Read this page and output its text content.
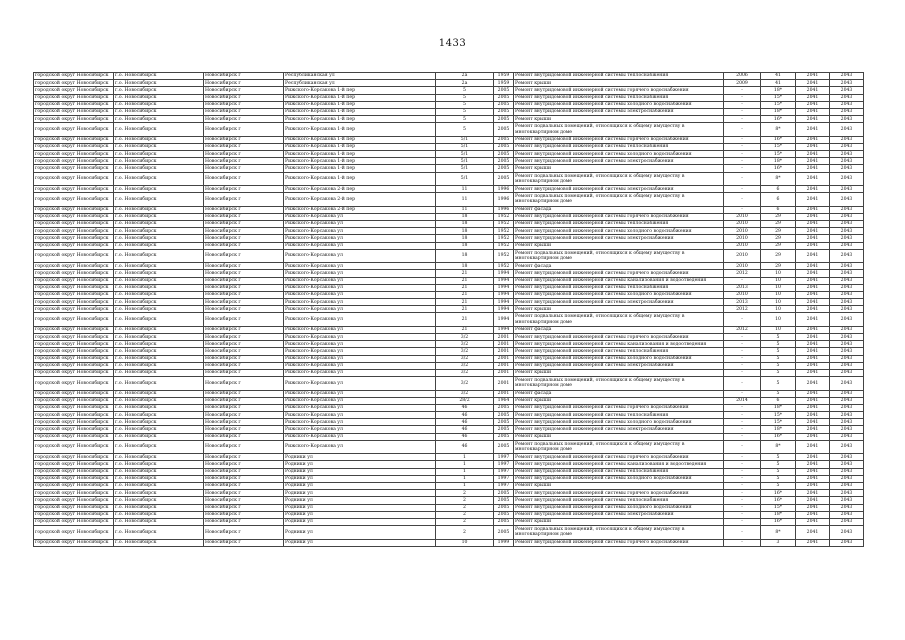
1433
городской округ Новосибирск	г.о. Новосибирск	Новосибирск г	Республиканская ул	2а	1959	Ремонт внутридомовой инженерной системы теплоснабжения	2006	41	2041	2043
городской округ Новосибирск	г.о. Новосибирск	Новосибирск г	Республиканская ул	2а	1959	Ремонт крыши	2009	41	2041	2043
городской округ Новосибирск	г.о. Новосибирск	Новосибирск г	Рижского-Корсакова 1-й пер	5	2005	Ремонт внутридомовой инженерной системы горячего водоснабжения	-	18*	2041	2043
городской округ Новосибирск	г.о. Новосибирск	Новосибирск г	Рижского-Корсакова 1-й пер	5	2005	Ремонт внутридомовой инженерной системы теплоснабжения	-	15*	2041	2043
городской округ Новосибирск	г.о. Новосибирск	Новосибирск г	Рижского-Корсакова 1-й пер	5	2005	Ремонт внутридомовой инженерной системы холодного водоснабжения	-	15*	2041	2043
городской округ Новосибирск	г.о. Новосибирск	Новосибирск г	Рижского-Корсакова 1-й пер	5	2005	Ремонт внутридомовой инженерной системы электроснабжения	-	18*	2041	2043
городской округ Новосибирск	г.о. Новосибирск	Новосибирск г	Рижского-Корсакова 1-й пер	5	2005	Ремонт крыши	-	16*	2041	2043
городской округ Новосибирск	г.о. Новосибирск	Новосибирск г	Рижского-Корсакова 1-й пер	5	2005	Ремонт подвальных помещений, относящихся к общему имуществу в многоквартирном доме	-	8*	2041	2043
городской округ Новосибирск	г.о. Новосибирск	Новосибирск г	Рижского-Корсакова 1-й пер	5/1	2005	Ремонт внутридомовой инженерной системы горячего водоснабжения	-	16*	2041	2043
городской округ Новосибирск	г.о. Новосибирск	Новосибирск г	Рижского-Корсакова 1-й пер	5/1	2005	Ремонт внутридомовой инженерной системы теплоснабжения	-	15*	2041	2043
городской округ Новосибирск	г.о. Новосибирск	Новосибирск г	Рижского-Корсакова 1-й пер	5/1	2005	Ремонт внутридомовой инженерной системы холодного водоснабжения	-	15*	2041	2043
городской округ Новосибирск	г.о. Новосибирск	Новосибирск г	Рижского-Корсакова 1-й пер	5/1	2005	Ремонт внутридомовой инженерной системы электроснабжения	-	18*	2041	2043
городской округ Новосибирск	г.о. Новосибирск	Новосибирск г	Рижского-Корсакова 1-й пер	5/1	2005	Ремонт крыши	-	16*	2041	2043
городской округ Новосибирск	г.о. Новосибирск	Новосибирск г	Рижского-Корсакова 1-й пер	5/1	2005	Ремонт подвальных помещений, относящихся к общему имуществу в многоквартирном доме	-	8*	2041	2043
городской округ Новосибирск	г.о. Новосибирск	Новосибирск г	Рижского-Корсакова 2-й пер	11	1996	Ремонт внутридомовой инженерной системы электроснабжения	-	6	2041	2043
городской округ Новосибирск	г.о. Новосибирск	Новосибирск г	Рижского-Корсакова 2-й пер	11	1996	Ремонт подвальных помещений, относящихся к общему имуществу в многоквартирном доме	-	6	2041	2043
городской округ Новосибирск	г.о. Новосибирск	Новосибирск г	Рижского-Корсакова 2-й пер	11	1996	Ремонт фасада	-	6	2041	2043
городской округ Новосибирск	г.о. Новосибирск	Новосибирск г	Рижского-Корсакова ул	18	1952	Ремонт внутридомовой инженерной системы горячего водоснабжения	2010	29	2041	2043
городской округ Новосибирск	г.о. Новосибирск	Новосибирск г	Рижского-Корсакова ул	18	1952	Ремонт внутридомовой инженерной системы теплоснабжения	2010	29	2041	2043
городской округ Новосибирск	г.о. Новосибирск	Новосибирск г	Рижского-Корсакова ул	18	1952	Ремонт внутридомовой инженерной системы холодного водоснабжения	2010	29	2041	2043
городской округ Новосибирск	г.о. Новосибирск	Новосибирск г	Рижского-Корсакова ул	18	1952	Ремонт внутридомовой инженерной системы электроснабжения	2010	29	2041	2043
городской округ Новосибирск	г.о. Новосибирск	Новосибирск г	Рижского-Корсакова ул	18	1952	Ремонт крыши	2010	29	2041	2043
городской округ Новосибирск	г.о. Новосибирск	Новосибирск г	Рижского-Корсакова ул	18	1952	Ремонт подвальных помещений, относящихся к общему имуществу в многоквартирном доме	2010	29	2041	2043
городской округ Новосибирск	г.о. Новосибирск	Новосибирск г	Рижского-Корсакова ул	18	1952	Ремонт фасада	2010	29	2041	2043
городской округ Новосибирск	г.о. Новосибирск	Новосибирск г	Рижского-Корсакова ул	21	1994	Ремонт внутридомовой инженерной системы горячего водоснабжения	2012	10	2041	2043
городской округ Новосибирск	г.о. Новосибирск	Новосибирск г	Рижского-Корсакова ул	21	1994	Ремонт внутридомовой инженерной системы канализования и водоотведения	-	10	2041	2043
городской округ Новосибирск	г.о. Новосибирск	Новосибирск г	Рижского-Корсакова ул	21	1994	Ремонт внутридомовой инженерной системы теплоснабжения	2013	10	2041	2043
городской округ Новосибирск	г.о. Новосибирск	Новосибирск г	Рижского-Корсакова ул	21	1994	Ремонт внутридомовой инженерной системы холодного водоснабжения	2010	10	2041	2043
городской округ Новосибирск	г.о. Новосибирск	Новосибирск г	Рижского-Корсакова ул	21	1994	Ремонт внутридомовой инженерной системы электроснабжения	2013	10	2041	2043
городской округ Новосибирск	г.о. Новосибирск	Новосибирск г	Рижского-Корсакова ул	21	1994	Ремонт крыши	2012	10	2041	2043
городской округ Новосибирск	г.о. Новосибирск	Новосибирск г	Рижского-Корсакова ул	21	1994	Ремонт подвальных помещений, относящихся к общему имуществу в многоквартирном доме	-	10	2041	2043
городской округ Новосибирск	г.о. Новосибирск	Новосибирск г	Рижского-Корсакова ул	21	1994	Ремонт фасада	2012	10	2041	2043
городской округ Новосибирск	г.о. Новосибирск	Новосибирск г	Рижского-Корсакова ул	3/2	2001	Ремонт внутридомовой инженерной системы горячего водоснабжения	-	5	2041	2043
городской округ Новосибирск	г.о. Новосибирск	Новосибирск г	Рижского-Корсакова ул	3/2	2001	Ремонт внутридомовой инженерной системы канализования и водоотведения	-	5	2041	2043
городской округ Новосибирск	г.о. Новосибирск	Новосибирск г	Рижского-Корсакова ул	3/2	2001	Ремонт внутридомовой инженерной системы теплоснабжения	-	5	2041	2043
городской округ Новосибирск	г.о. Новосибирск	Новосибирск г	Рижского-Корсакова ул	3/2	2001	Ремонт внутридомовой инженерной системы холодного водоснабжения	-	5	2041	2043
городской округ Новосибирск	г.о. Новосибирск	Новосибирск г	Рижского-Корсакова ул	3/2	2001	Ремонт внутридомовой инженерной системы электроснабжения	-	5	2041	2043
городской округ Новосибирск	г.о. Новосибирск	Новосибирск г	Рижского-Корсакова ул	3/2	2001	Ремонт крыши	-	5	2041	2043
городской округ Новосибирск	г.о. Новосибирск	Новосибирск г	Рижского-Корсакова ул	3/2	2001	Ремонт подвальных помещений, относящихся к общему имуществу в многоквартирном доме	-	5	2041	2043
городской округ Новосибирск	г.о. Новосибирск	Новосибирск г	Рижского-Корсакова ул	3/2	2001	Ремонт фасада	-	5	2041	2043
городской округ Новосибирск	г.о. Новосибирск	Новосибирск г	Рижского-Корсакова ул	28/2	1964	Ремонт крыши	2014	6	2041	2043
городской округ Новосибирск	г.о. Новосибирск	Новосибирск г	Рижского-Корсакова ул	46	2005	Ремонт внутридомовой инженерной системы горячего водоснабжения	-	18*	2041	2043
городской округ Новосибирск	г.о. Новосибирск	Новосибирск г	Рижского-Корсакова ул	46	2005	Ремонт внутридомовой инженерной системы теплоснабжения	-	15*	2041	2043
городской округ Новосибирск	г.о. Новосибирск	Новосибирск г	Рижского-Корсакова ул	46	2005	Ремонт внутридомовой инженерной системы холодного водоснабжения	-	15*	2041	2043
городской округ Новосибирск	г.о. Новосибирск	Новосибирск г	Рижского-Корсакова ул	46	2005	Ремонт внутридомовой инженерной системы электроснабжения	-	18*	2041	2043
городской округ Новосибирск	г.о. Новосибирск	Новосибирск г	Рижского-Корсакова ул	46	2005	Ремонт крыши	-	16*	2041	2043
городской округ Новосибирск	г.о. Новосибирск	Новосибирск г	Рижского-Корсакова ул	46	2005	Ремонт подвальных помещений, относящихся к общему имуществу в многоквартирном доме	-	8*	2041	2043
городской округ Новосибирск	г.о. Новосибирск	Новосибирск г	Родники ул	1	1997	Ремонт внутридомовой инженерной системы горячего водоснабжения	-	5	2041	2043
городской округ Новосибирск	г.о. Новосибирск	Новосибирск г	Родники ул	1	1997	Ремонт внутридомовой инженерной системы канализования и водоотведения	-	5	2041	2043
городской округ Новосибирск	г.о. Новосибирск	Новосибирск г	Родники ул	1	1997	Ремонт внутридомовой инженерной системы теплоснабжения	-	5	2041	2043
городской округ Новосибирск	г.о. Новосибирск	Новосибирск г	Родники ул	1	1997	Ремонт внутридомовой инженерной системы холодного водоснабжения	-	5	2041	2043
городской округ Новосибирск	г.о. Новосибирск	Новосибирск г	Родники ул	1	1997	Ремонт крыши	-	5	2041	2043
городской округ Новосибирск	г.о. Новосибирск	Новосибирск г	Родники ул	2	2005	Ремонт внутридомовой инженерной системы горячего водоснабжения	-	16*	2041	2043
городской округ Новосибирск	г.о. Новосибирск	Новосибирск г	Родники ул	2	2005	Ремонт внутридомовой инженерной системы теплоснабжения	-	16*	2041	2043
городской округ Новосибирск	г.о. Новосибирск	Новосибирск г	Родники ул	2	2005	Ремонт внутридомовой инженерной системы холодного водоснабжения	-	15*	2041	2043
городской округ Новосибирск	г.о. Новосибирск	Новосибирск г	Родники ул	2	2005	Ремонт внутридомовой инженерной системы электроснабжения	-	18*	2041	2043
городской округ Новосибирск	г.о. Новосибирск	Новосибирск г	Родники ул	2	2005	Ремонт крыши	-	16*	2041	2043
городской округ Новосибирск	г.о. Новосибирск	Новосибирск г	Родники ул	2	2005	Ремонт подвальных помещений, относящихся к общему имуществу в многоквартирном доме	-	8*	2041	2043
городской округ Новосибирск	г.о. Новосибирск	Новосибирск г	Родники ул	10	1999	Ремонт внутридомовой инженерной системы горячего водоснабжения	-	3	2041	2043
